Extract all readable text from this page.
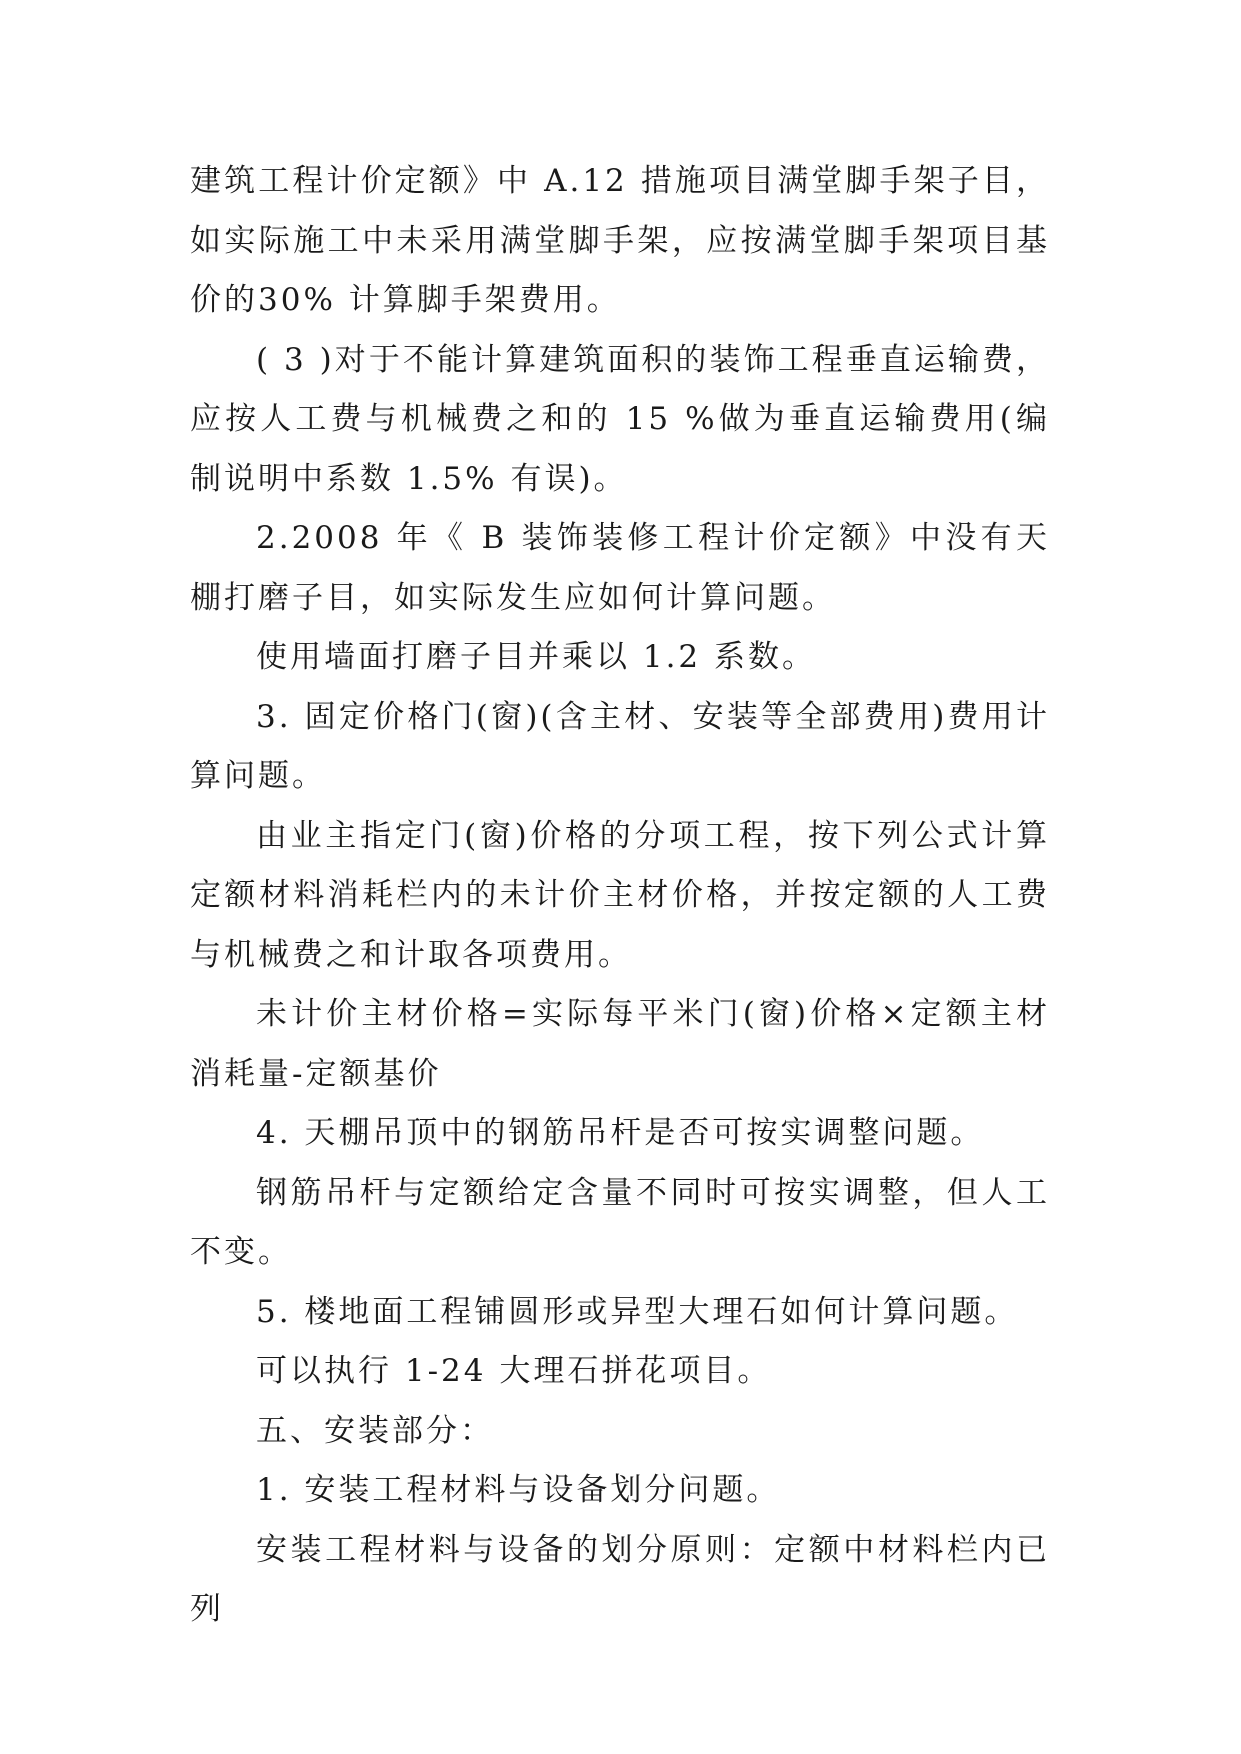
建筑工程计价定额》中 A.12 措施项目满堂脚手架子目，如实际施工中未采用满堂脚手架，应按满堂脚手架项目基价的30% 计算脚手架费用。

( 3 )对于不能计算建筑面积的装饰工程垂直运输费，应按人工费与机械费之和的 15 %做为垂直运输费用(编制说明中系数 1.5% 有误)。

2.2008 年《 B 装饰装修工程计价定额》中没有天棚打磨子目，如实际发生应如何计算问题。

使用墙面打磨子目并乘以 1.2 系数。

3. 固定价格门(窗)(含主材、安装等全部费用)费用计算问题。

由业主指定门(窗)价格的分项工程，按下列公式计算定额材料消耗栏内的未计价主材价格，并按定额的人工费与机械费之和计取各项费用。

未计价主材价格=实际每平米门(窗)价格×定额主材消耗量-定额基价

4. 天棚吊顶中的钢筋吊杆是否可按实调整问题。

钢筋吊杆与定额给定含量不同时可按实调整，但人工不变。

5. 楼地面工程铺圆形或异型大理石如何计算问题。

可以执行 1-24 大理石拼花项目。

五、安装部分：

1. 安装工程材料与设备划分问题。

安装工程材料与设备的划分原则：定额中材料栏内已列
